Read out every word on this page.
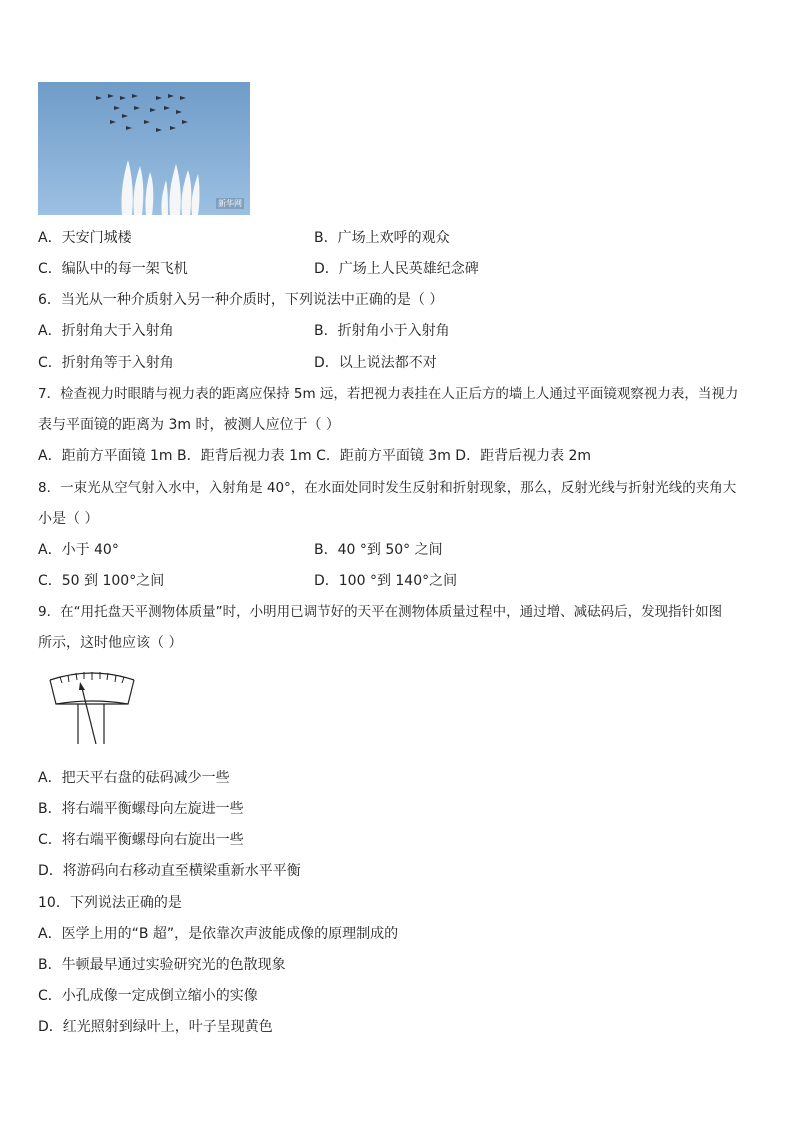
新华网
A．天安门城楼	B．广场上欢呼的观众
C．编队中的每一架飞机	D．广场上人民英雄纪念碑
6．当光从一种介质射入另一种介质时，下列说法中正确的是（ ）
A．折射角大于入射角	B．折射角小于入射角
C．折射角等于入射角	D．以上说法都不对
7．检查视力时眼睛与视力表的距离应保持 5m 远，若把视力表挂在人正后方的墙上人通过平面镜观察视力表，当视力
表与平面镜的距离为 3m 时，被测人应位于（ ）
A．距前方平面镜 1m B．距背后视力表 1m C．距前方平面镜 3m D．距背后视力表 2m
8．一束光从空气射入水中，入射角是 40°，在水面处同时发生反射和折射现象，那么，反射光线与折射光线的夹角大
小是（ ）
A．小于 40°	B．40 °到 50° 之间
C．50 到 100°之间	D．100 °到 140°之间
9．在“用托盘天平测物体质量”时，小明用已调节好的天平在测物体质量过程中，通过增、减砝码后，发现指针如图
所示，这时他应该（ ）
A．把天平右盘的砝码减少一些
B．将右端平衡螺母向左旋进一些
C．将右端平衡螺母向右旋出一些
D．将游码向右移动直至横梁重新水平平衡
10．下列说法正确的是
A．医学上用的“B 超”，是依靠次声波能成像的原理制成的
B．牛顿最早通过实验研究光的色散现象
C．小孔成像一定成倒立缩小的实像
D．红光照射到绿叶上，叶子呈现黄色
